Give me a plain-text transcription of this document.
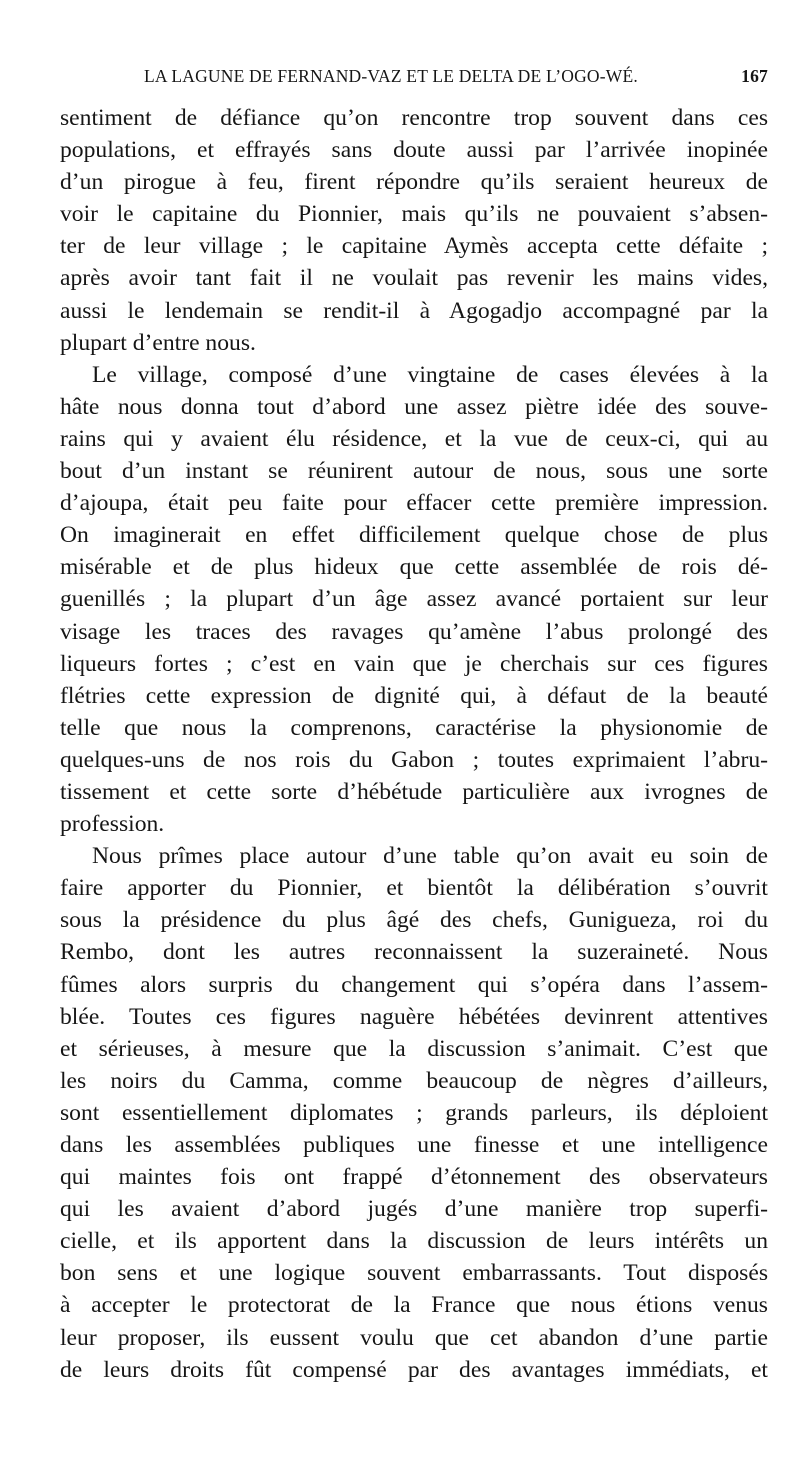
LA LAGUNE DE FERNAND-VAZ ET LE DELTA DE L’OGO-WÉ.	167
sentiment de défiance qu’on rencontre trop souvent dans ces
populations, et effrayés sans doute aussi par l’arrivée inopinée
d’un pirogue à feu, firent répondre qu’ils seraient heureux de
voir le capitaine du Pionnier, mais qu’ils ne pouvaient s’absen-
ter de leur village ; le capitaine Aymès accepta cette défaite ;
après avoir tant fait il ne voulait pas revenir les mains vides,
aussi le lendemain se rendit-il à Agogadjo accompagné par la
plupart d’entre nous.
Le village, composé d’une vingtaine de cases élevées à la
hâte nous donna tout d’abord une assez piètre idée des souve-
rains qui y avaient élu résidence, et la vue de ceux-ci, qui au
bout d’un instant se réunirent autour de nous, sous une sorte
d’ajoupa, était peu faite pour effacer cette première impression.
On imaginerait en effet difficilement quelque chose de plus
misérable et de plus hideux que cette assemblée de rois dé-
guenillés ; la plupart d’un âge assez avancé portaient sur leur
visage les traces des ravages qu’amène l’abus prolongé des
liqueurs fortes ; c’est en vain que je cherchais sur ces figures
flétries cette expression de dignité qui, à défaut de la beauté
telle que nous la comprenons, caractérise la physionomie de
quelques-uns de nos rois du Gabon ; toutes exprimaient l’abru-
tissement et cette sorte d’hébétude particulière aux ivrognes de
profession.
Nous prîmes place autour d’une table qu’on avait eu soin de
faire apporter du Pionnier, et bientôt la délibération s’ouvrit
sous la présidence du plus âgé des chefs, Gunigueza, roi du
Rembo, dont les autres reconnaissent la suzeraineté. Nous
fûmes alors surpris du changement qui s’opéra dans l’assem-
blée. Toutes ces figures naguère hébétées devinrent attentives
et sérieuses, à mesure que la discussion s’animait. C’est que
les noirs du Camma, comme beaucoup de nègres d’ailleurs,
sont essentiellement diplomates ; grands parleurs, ils déploient
dans les assemblées publiques une finesse et une intelligence
qui maintes fois ont frappé d’étonnement des observateurs
qui les avaient d’abord jugés d’une manière trop superfi-
cielle, et ils apportent dans la discussion de leurs intérêts un
bon sens et une logique souvent embarrassants. Tout disposés
à accepter le protectorat de la France que nous étions venus
leur proposer, ils eussent voulu que cet abandon d’une partie
de leurs droits fût compensé par des avantages immédiats, et
